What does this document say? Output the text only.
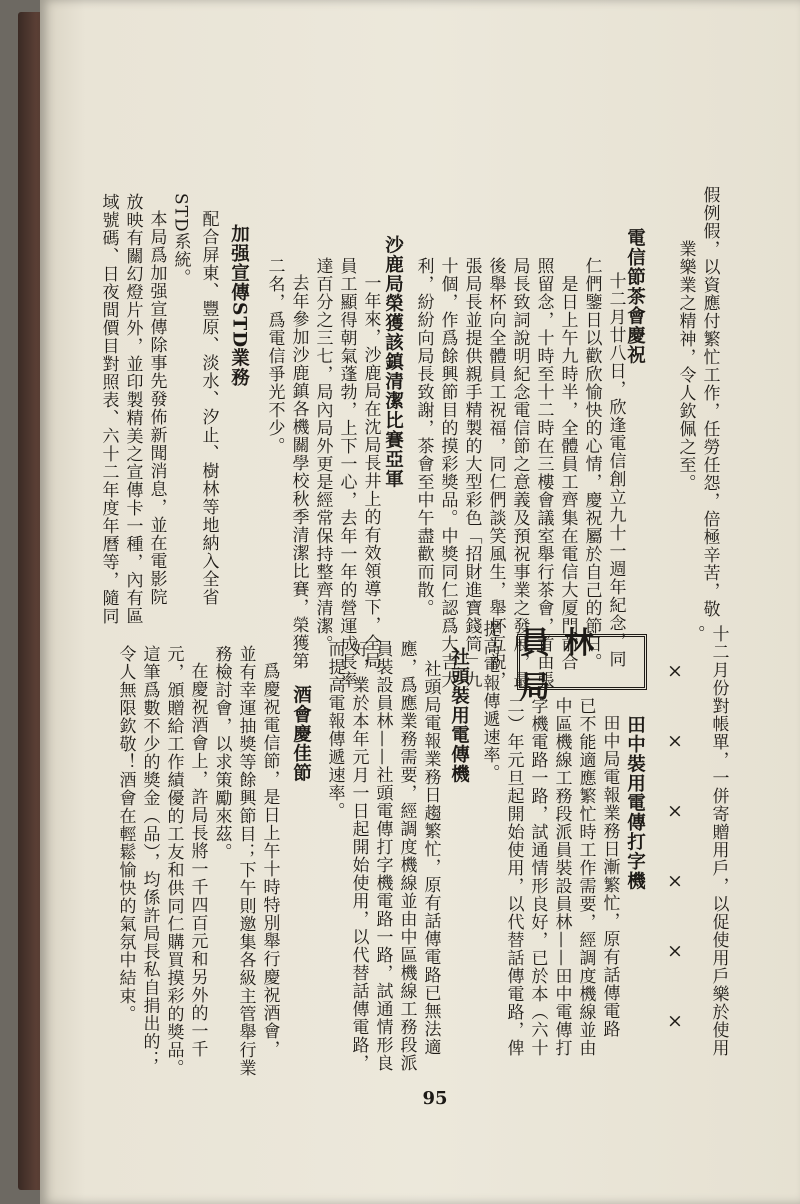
假例假，以資應付繁忙工作，任勞任怨，倍極辛苦，敬
業樂業之精神，令人欽佩之至。
電信節茶會慶祝
十二月廿八日，欣逢電信創立九十一週年紀念，同
仁們鑒日以歡欣愉快的心情，慶祝屬於自己的節日。
是日上午九時半，全體員工齊集在電信大厦門前合
照留念，十時至十二時在三樓會議室舉行茶會，首由張
局長致詞說明紀念電信節之意義及預祝事業之發展，最
後舉杯向全體員工祝福，同仁們談笑風生，舉杯互祝，
張局長並提供親手精製的大型彩色「招財進寶錢筒」九
十個，作爲餘興節目的摸彩獎品。中獎同仁認爲大吉大
利，紛紛向局長致謝，茶會至中午盡歡而散。
沙鹿局榮獲該鎮清潔比賽亞軍
一年來，沙鹿局在沈局長井上的有效領導下，全局
員工顯得朝氣蓬勃，上下一心，去年一年的營運成長率
達百分之三七，局內局外更是經常保持整齊清潔。
去年參加沙鹿鎮各機關學校秋季清潔比賽，榮獲第
二名，爲電信爭光不少。
加强宣傳STD業務
配合屏東、豐原、淡水、汐止、樹林等地納入全省
STD系統。
本局爲加强宣傳除事先發佈新聞消息，並在電影院
放映有關幻燈片外，並印製精美之宣傳卡一種，內有區
域號碼、日夜間價目對照表、六十二年度年曆等，隨同
十二月份對帳單，一併寄贈用戶，以促使用戶樂於使用
。
×
×
×
×
×
×
員林局
田中裝用電傳打字機
田中局電報業務日漸繁忙，原有話傳電路
已不能適應繁忙時工作需要，經調度機線並由
中區機線工務段派員裝設員林——田中電傳打
字機電路一路，試通情形良好，已於本（六十
二）年元旦起開始使用，以代替話傳電路，俾
提高電報傳遞速率。
社頭裝用電傳機
社頭局電報業務日趨繁忙，原有話傳電路已無法適
應，爲應業務需要，經調度機線並由中區機線工務段派
員裝設員林——社頭電傳打字機電路一路，試通情形良
好，業於本年元月一日起開始使用，以代替話傳電路，
而提高電報傳遞速率。
酒會慶佳節
爲慶祝電信節，是日上午十時特別舉行慶祝酒會，
並有幸運抽獎等餘興節目；下午則邀集各級主管舉行業
務檢討會，以求策勵來茲。
在慶祝酒會上，許局長將一千四百元和另外的一千
元，頒贈給工作績優的工友和供同仁購買摸彩的獎品。
這筆爲數不少的獎金（品），均係許局長私自捐出的；
令人無限欽敬！酒會在輕鬆愉快的氣氛中結束。
95
